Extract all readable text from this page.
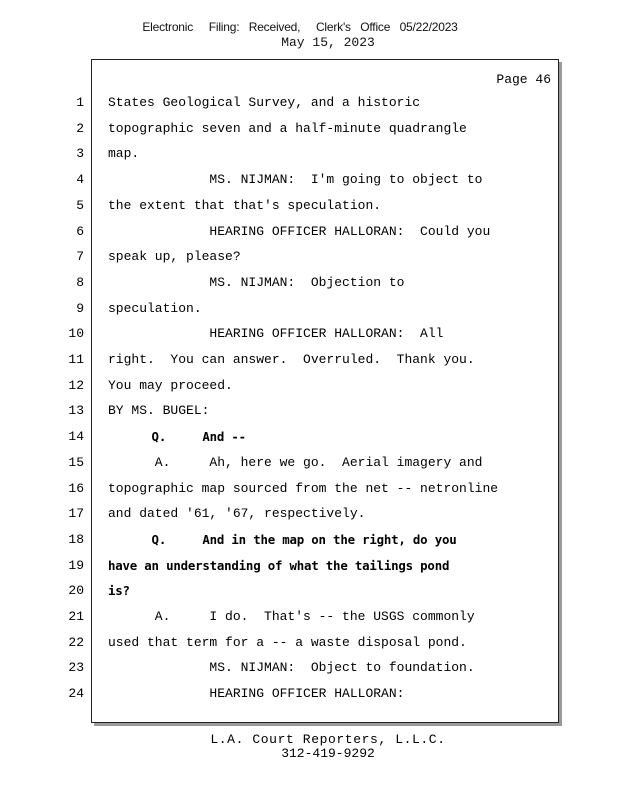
Electronic     Filing:   Received,     Clerk's   Office   05/22/2023
May 15, 2023
Page 46
1 States Geological Survey, and a historic
2 topographic seven and a half-minute quadrangle
3 map.
4 MS. NIJMAN:  I'm going to object to
5 the extent that that's speculation.
6 HEARING OFFICER HALLORAN:  Could you
7 speak up, please?
8 MS. NIJMAN:  Objection to
9 speculation.
10 HEARING OFFICER HALLORAN:  All
11 right.  You can answer.  Overruled.  Thank you.
12 You may proceed.
13 BY MS. BUGEL:
14 Q.     And --
15 A.     Ah, here we go.  Aerial imagery and
16 topographic map sourced from the net -- netronline
17 and dated '61, '67, respectively.
18 Q.     And in the map on the right, do you
19 have an understanding of what the tailings pond
20 is?
21 A.     I do.  That's -- the USGS commonly
22 used that term for a -- a waste disposal pond.
23 MS. NIJMAN:  Object to foundation.
24 HEARING OFFICER HALLORAN:
L.A. Court Reporters, L.L.C.
312-419-9292
